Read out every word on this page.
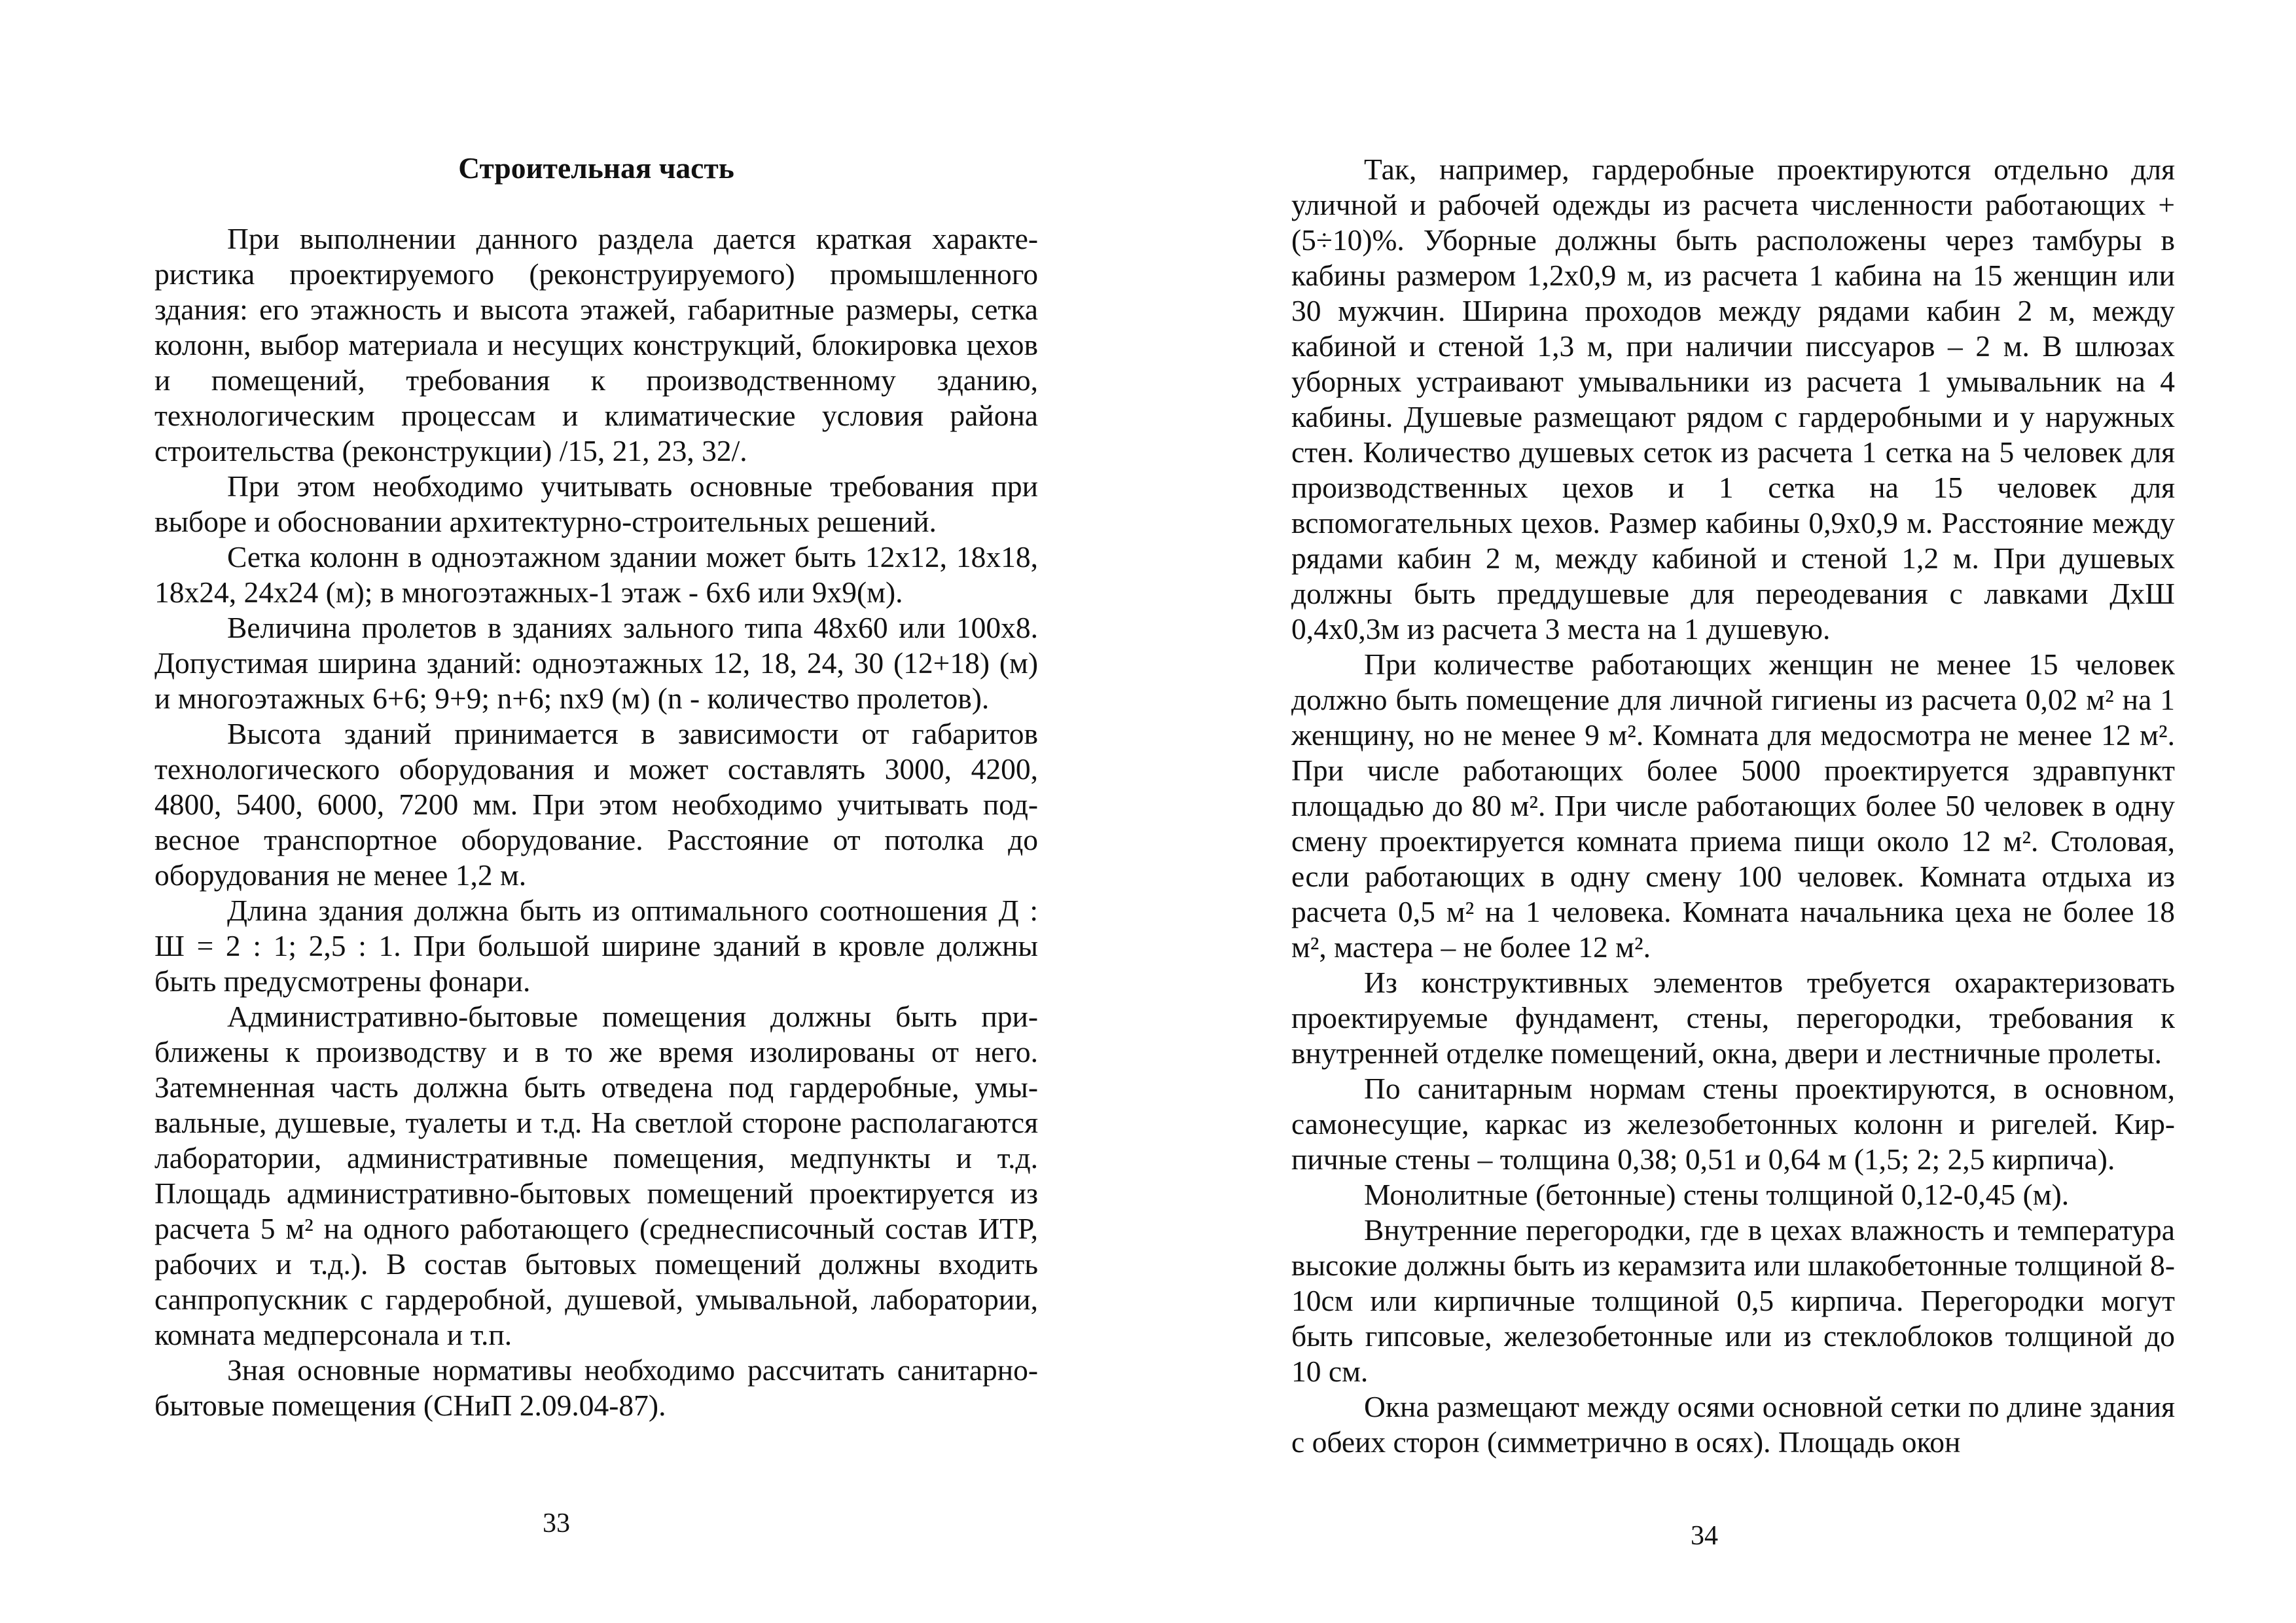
Строительная часть

При выполнении данного раздела дается краткая характеристика проектируемого (реконструируемого) промышленного здания: его этажность и высота этажей, габаритные размеры, сетка колонн, выбор материала и несущих конструкций, блокировка цехов и помещений, требования к производственному зданию, технологическим процессам и климатические условия района строительства (реконструкции) /15, 21, 23, 32/.

При этом необходимо учитывать основные требования при выборе и обосновании архитектурно-строительных решений.

Сетка колонн в одноэтажном здании может быть 12х12, 18х18, 18х24, 24х24 (м); в многоэтажных-1 этаж - 6х6 или 9х9(м).

Величина пролетов в зданиях зального типа 48х60 или 100х8. Допустимая ширина зданий: одноэтажных 12, 18, 24, 30 (12+18) (м) и многоэтажных 6+6; 9+9; n+6; nх9 (м) (n - количество пролетов).

Высота зданий принимается в зависимости от габаритов технологического оборудования и может составлять 3000, 4200, 4800, 5400, 6000, 7200 мм. При этом необходимо учитывать подвесное транспортное оборудование. Расстояние от потолка до оборудования не менее 1,2 м.

Длина здания должна быть из оптимального соотношения Д : Ш = 2 : 1; 2,5 : 1. При большой ширине зданий в кровле должны быть предусмотрены фонари.

Административно-бытовые помещения должны быть приближены к производству и в то же время изолированы от него. Затемненная часть должна быть отведена под гардеробные, умывальные, душевые, туалеты и т.д. На светлой стороне располагаются лаборатории, административные помещения, медпункты и т.д. Площадь административно-бытовых помещений проектируется из расчета 5 м² на одного работающего (среднесписочный состав ИТР, рабочих и т.д.). В состав бытовых помещений должны входить санпропускник с гардеробной, душевой, умывальной, лаборатории, комната медперсонала и т.п.

Зная основные нормативы необходимо рассчитать санитарно-бытовые помещения (СНиП 2.09.04-87).

33

Так, например, гардеробные проектируются отдельно для уличной и рабочей одежды из расчета численности работающих + (5÷10)%. Уборные должны быть расположены через тамбуры в кабины размером 1,2х0,9 м, из расчета 1 кабина на 15 женщин или 30 мужчин. Ширина проходов между рядами кабин 2 м, между кабиной и стеной 1,3 м, при наличии писсуаров – 2 м. В шлюзах уборных устраивают умывальники из расчета 1 умывальник на 4 кабины. Душевые размещают рядом с гардеробными и у наружных стен. Количество душевых сеток из расчета 1 сетка на 5 человек для производственных цехов и 1 сетка на 15 человек для вспомогательных цехов. Размер кабины 0,9х0,9 м. Расстояние между рядами кабин 2 м, между кабиной и стеной 1,2 м. При душевых должны быть преддушевые для переодевания с лавками ДхШ 0,4х0,3м из расчета 3 места на 1 душевую.

При количестве работающих женщин не менее 15 человек должно быть помещение для личной гигиены из расчета 0,02 м² на 1 женщину, но не менее 9 м². Комната для медосмотра не менее 12 м². При числе работающих более 5000 проектируется здравпункт площадью до 80 м². При числе работающих более 50 человек в одну смену проектируется комната приема пищи около 12 м². Столовая, если работающих в одну смену 100 человек. Комната отдыха из расчета 0,5 м² на 1 человека. Комната начальника цеха не более 18 м², мастера – не более 12 м².

Из конструктивных элементов требуется охарактеризовать проектируемые фундамент, стены, перегородки, требования к внутренней отделке помещений, окна, двери и лестничные пролеты.

По санитарным нормам стены проектируются, в основном, самонесущие, каркас из железобетонных колонн и ригелей. Кирпичные стены – толщина 0,38; 0,51 и 0,64 м (1,5; 2; 2,5 кирпича).

Монолитные (бетонные) стены толщиной 0,12-0,45 (м).

Внутренние перегородки, где в цехах влажность и температура высокие должны быть из керамзита или шлакобетонные толщиной 8-10см или кирпичные толщиной 0,5 кирпича. Перегородки могут быть гипсовые, железобетонные или из стеклоблоков толщиной до 10 см.

Окна размещают между осями основной сетки по длине здания с обеих сторон (симметрично в осях). Площадь окон

34
